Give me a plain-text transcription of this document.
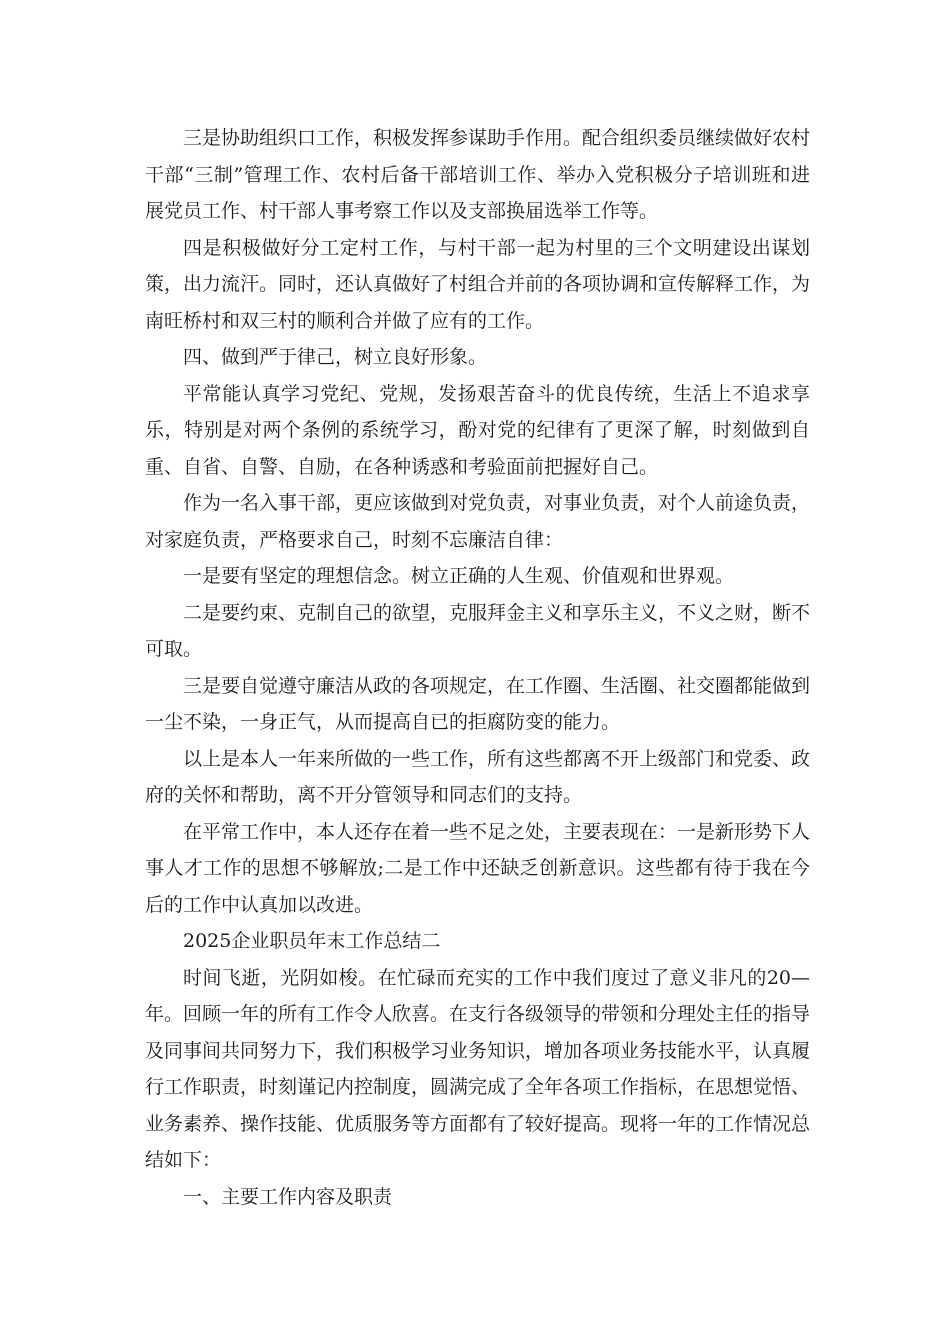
三是协助组织口工作，积极发挥参谋助手作用。配合组织委员继续做好农村干部“三制”管理工作、农村后备干部培训工作、举办入党积极分子培训班和进展党员工作、村干部人事考察工作以及支部换届选举工作等。

四是积极做好分工定村工作，与村干部一起为村里的三个文明建设出谋划策，出力流汗。同时，还认真做好了村组合并前的各项协调和宣传解释工作，为南旺桥村和双三村的顺利合并做了应有的工作。

四、做到严于律己，树立良好形象。

平常能认真学习党纪、党规，发扬艰苦奋斗的优良传统，生活上不追求享乐，特别是对两个条例的系统学习，酚对党的纪律有了更深了解，时刻做到自重、自省、自警、自励，在各种诱惑和考验面前把握好自己。

作为一名入事干部，更应该做到对党负责，对事业负责，对个人前途负责，对家庭负责，严格要求自己，时刻不忘廉洁自律：

一是要有坚定的理想信念。树立正确的人生观、价值观和世界观。

二是要约束、克制自己的欲望，克服拜金主义和享乐主义，不义之财，断不可取。

三是要自觉遵守廉洁从政的各项规定，在工作圈、生活圈、社交圈都能做到一尘不染，一身正气，从而提高自已的拒腐防变的能力。

以上是本人一年来所做的一些工作，所有这些都离不开上级部门和党委、政府的关怀和帮助，离不开分管领导和同志们的支持。

在平常工作中，本人还存在着一些不足之处，主要表现在：一是新形势下人事人才工作的思想不够解放;二是工作中还缺乏创新意识。这些都有待于我在今后的工作中认真加以改进。

2025企业职员年末工作总结二

时间飞逝，光阴如梭。在忙碌而充实的工作中我们度过了意义非凡的20—年。回顾一年的所有工作令人欣喜。在支行各级领导的带领和分理处主任的指导及同事间共同努力下，我们积极学习业务知识，增加各项业务技能水平，认真履行工作职责，时刻谨记内控制度，圆满完成了全年各项工作指标，在思想觉悟、业务素养、操作技能、优质服务等方面都有了较好提高。现将一年的工作情况总结如下：

一、主要工作内容及职责
